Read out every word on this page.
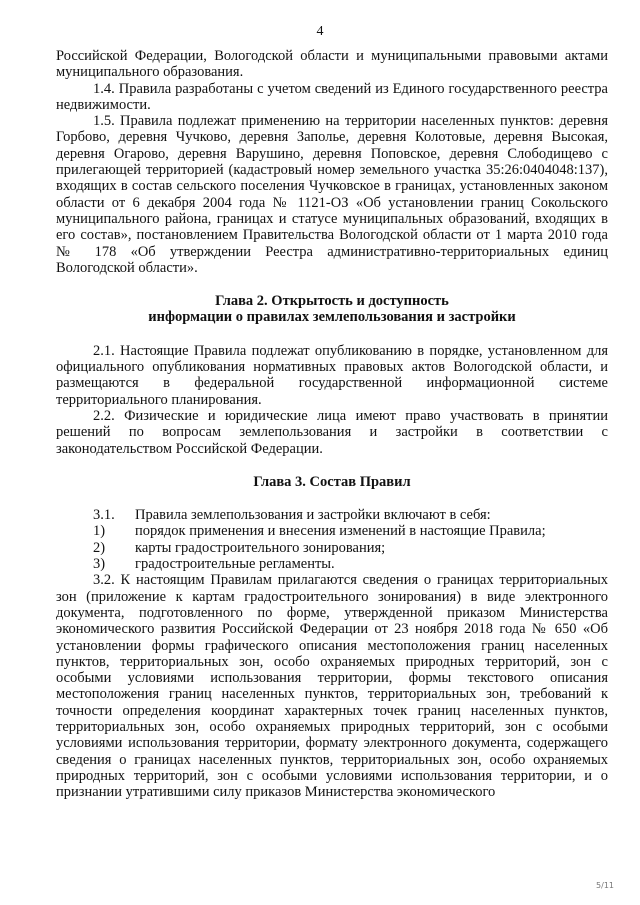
4

Российской Федерации, Вологодской области и муниципальными правовыми актами муниципального образования.

1.4. Правила разработаны с учетом сведений из Единого государственного реестра недвижимости.

1.5. Правила подлежат применению на территории населенных пунктов: деревня Горбово, деревня Чучково, деревня Заполье, деревня Колотовые, деревня Высокая, деревня Огарово, деревня Варушино, деревня Поповское, деревня Слободищево с прилегающей территорией (кадастровый номер земельного участка 35:26:0404048:137), входящих в состав сельского поселения Чучковское в границах, установленных законом области от 6 декабря 2004 года № 1121-ОЗ «Об установлении границ Сокольского муниципального района, границах и статусе муниципальных образований, входящих в его состав», постановлением Правительства Вологодской области от 1 марта 2010 года № 178 «Об утверждении Реестра административно-территориальных единиц Вологодской области».

Глава 2. Открытость и доступность
информации о правилах землепользования и застройки

2.1. Настоящие Правила подлежат опубликованию в порядке, установленном для официального опубликования нормативных правовых актов Вологодской области, и размещаются в федеральной государственной информационной системе территориального планирования.

2.2. Физические и юридические лица имеют право участвовать в принятии решений по вопросам землепользования и застройки в соответствии с законодательством Российской Федерации.

Глава 3. Состав Правил
3.1.	Правила землепользования и застройки включают в себя:
1)	порядок применения и внесения изменений в настоящие Правила;
2)	карты градостроительного зонирования;
3)	градостроительные регламенты.

3.2. К настоящим Правилам прилагаются сведения о границах территориальных зон (приложение к картам градостроительного зонирования) в виде электронного документа, подготовленного по форме, утвержденной приказом Министерства экономического развития Российской Федерации от 23 ноября 2018 года № 650 «Об установлении формы графического описания местоположения границ населенных пунктов, территориальных зон, особо охраняемых природных территорий, зон с особыми условиями использования территории, формы текстового описания местоположения границ населенных пунктов, территориальных зон, требований к точности определения координат характерных точек границ населенных пунктов, территориальных зон, особо охраняемых природных территорий, зон с особыми условиями использования территории, формату электронного документа, содержащего сведения о границах населенных пунктов, территориальных зон, особо охраняемых природных территорий, зон с особыми условиями использования территории, и о признании утратившими силу приказов Министерства экономического

5/11
